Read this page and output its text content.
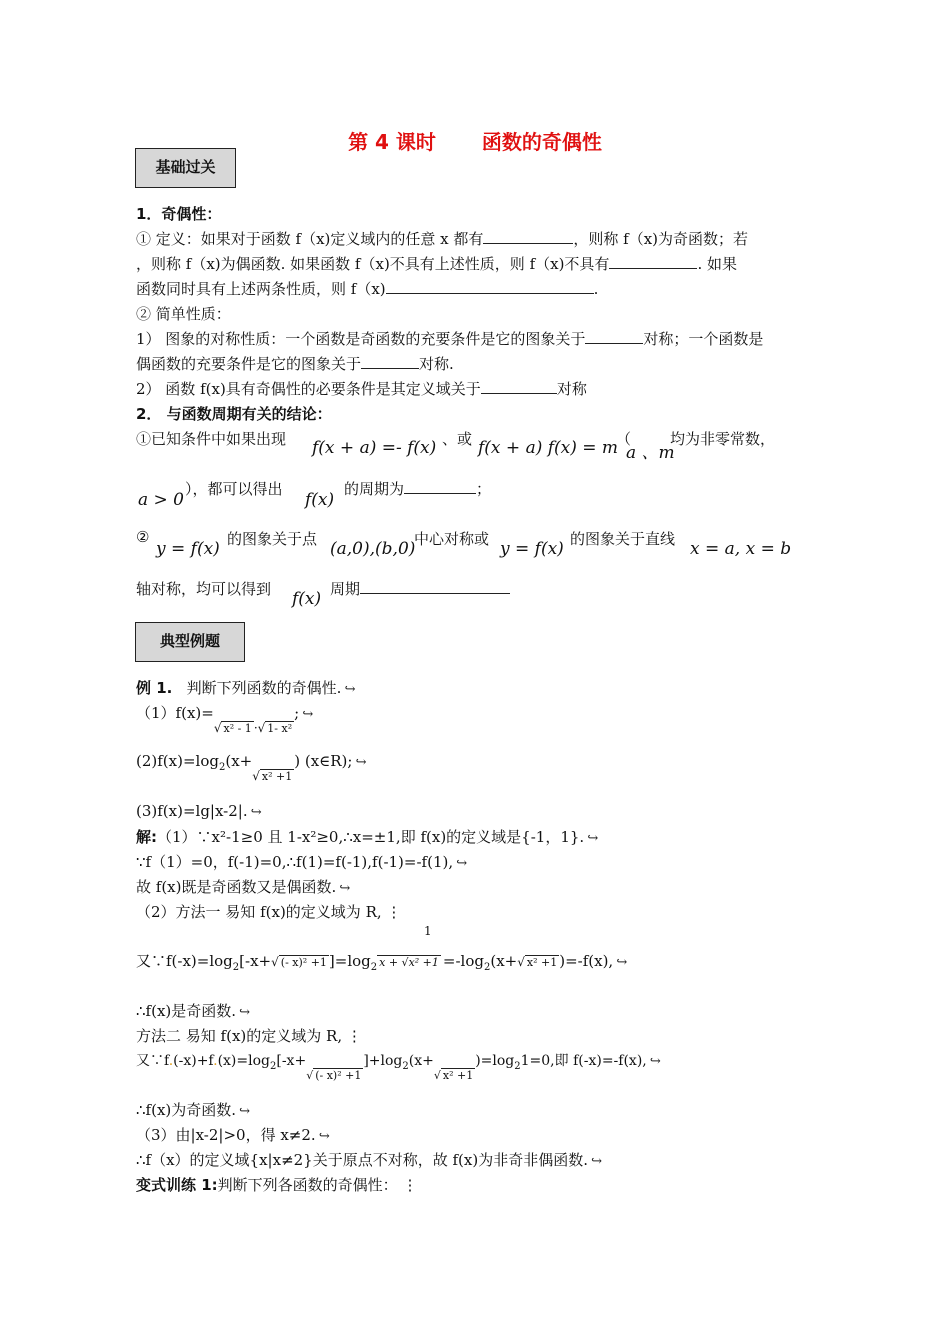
第 4 课时 函数的奇偶性
基础过关
1．奇偶性：
① 定义：如果对于函数 f（x)定义域内的任意 x 都有	，则称 f（x)为奇函数；若
，则称 f（x)为偶函数. 如果函数 f（x)不具有上述性质，则 f（x)不具有	. 如果
函数同时具有上述两条性质，则 f（x)	.
② 简单性质：
1） 图象的对称性质：一个函数是奇函数的充要条件是它的图象关于	对称；一个函数是
偶函数的充要条件是它的图象关于	对称.
2） 函数 f(x)具有奇偶性的必要条件是其定义域关于	对称
2． 与函数周期有关的结论：
①已知条件中如果出现 f(x + a) =- f(x) 、或 f(x + a) f(x) = m
（
a 、m
均为非零常数，
a > 0
），都可以得出
f(x)
的周期为	；
②
y = f(x) 的图象关于点 (a,0),(b,0)
中心对称或 y = f(x) 的图象关于直线 x = a, x = b
轴对称，均可以得到 f(x) 周期
典型例题
例 1. 判断下列函数的奇偶性. ↪
$(1)f(x)=_{√ x^2 - 1 \cdot√ 1- x^2}$; ↪
$(2)f(x)=\log_2(x+_{√ x^2 +1})$ (x∈R); ↪
(3)f(x)=lg|x-2|. ↪
解:（1）∵x²-1≥0 且 1-x²≥0,∴x=±1,即 f(x)的定义域是{-1，1}. ↪
∵f（1）=0，f(-1)=0,∴f(1)=f(-1),f(-1)=-f(1), ↪
故 f(x)既是奇函数又是偶函数. ↪
（2）方法一 易知 f(x)的定义域为 R, ⋮
1
又$\because f(-x)=\log_2[-x+√$ (- x)² +1 ]$=\log_2$ $x + √x^2 +1 =-\log_2(x+√$ x² +1 )=-f(x), ↪
∴f(x)是奇函数. ↪
方法二 易知 f(x)的定义域为 R, ⋮
又$\because f.(-x)+f.(x)=\log_2[-x+_{√ (- x)^2 +1}]+\log_2(x+_{√ x^2 +1})=\log_21=0$,即 f(-x)=-f(x), ↪
∴f(x)为奇函数. ↪
（3）由|x-2|>0，得 x≠2. ↪
∴f（x）的定义域{x|x≠2}关于原点不对称，故 f(x)为非奇非偶函数. ↪
变式训练 1:判断下列各函数的奇偶性： ⋮
